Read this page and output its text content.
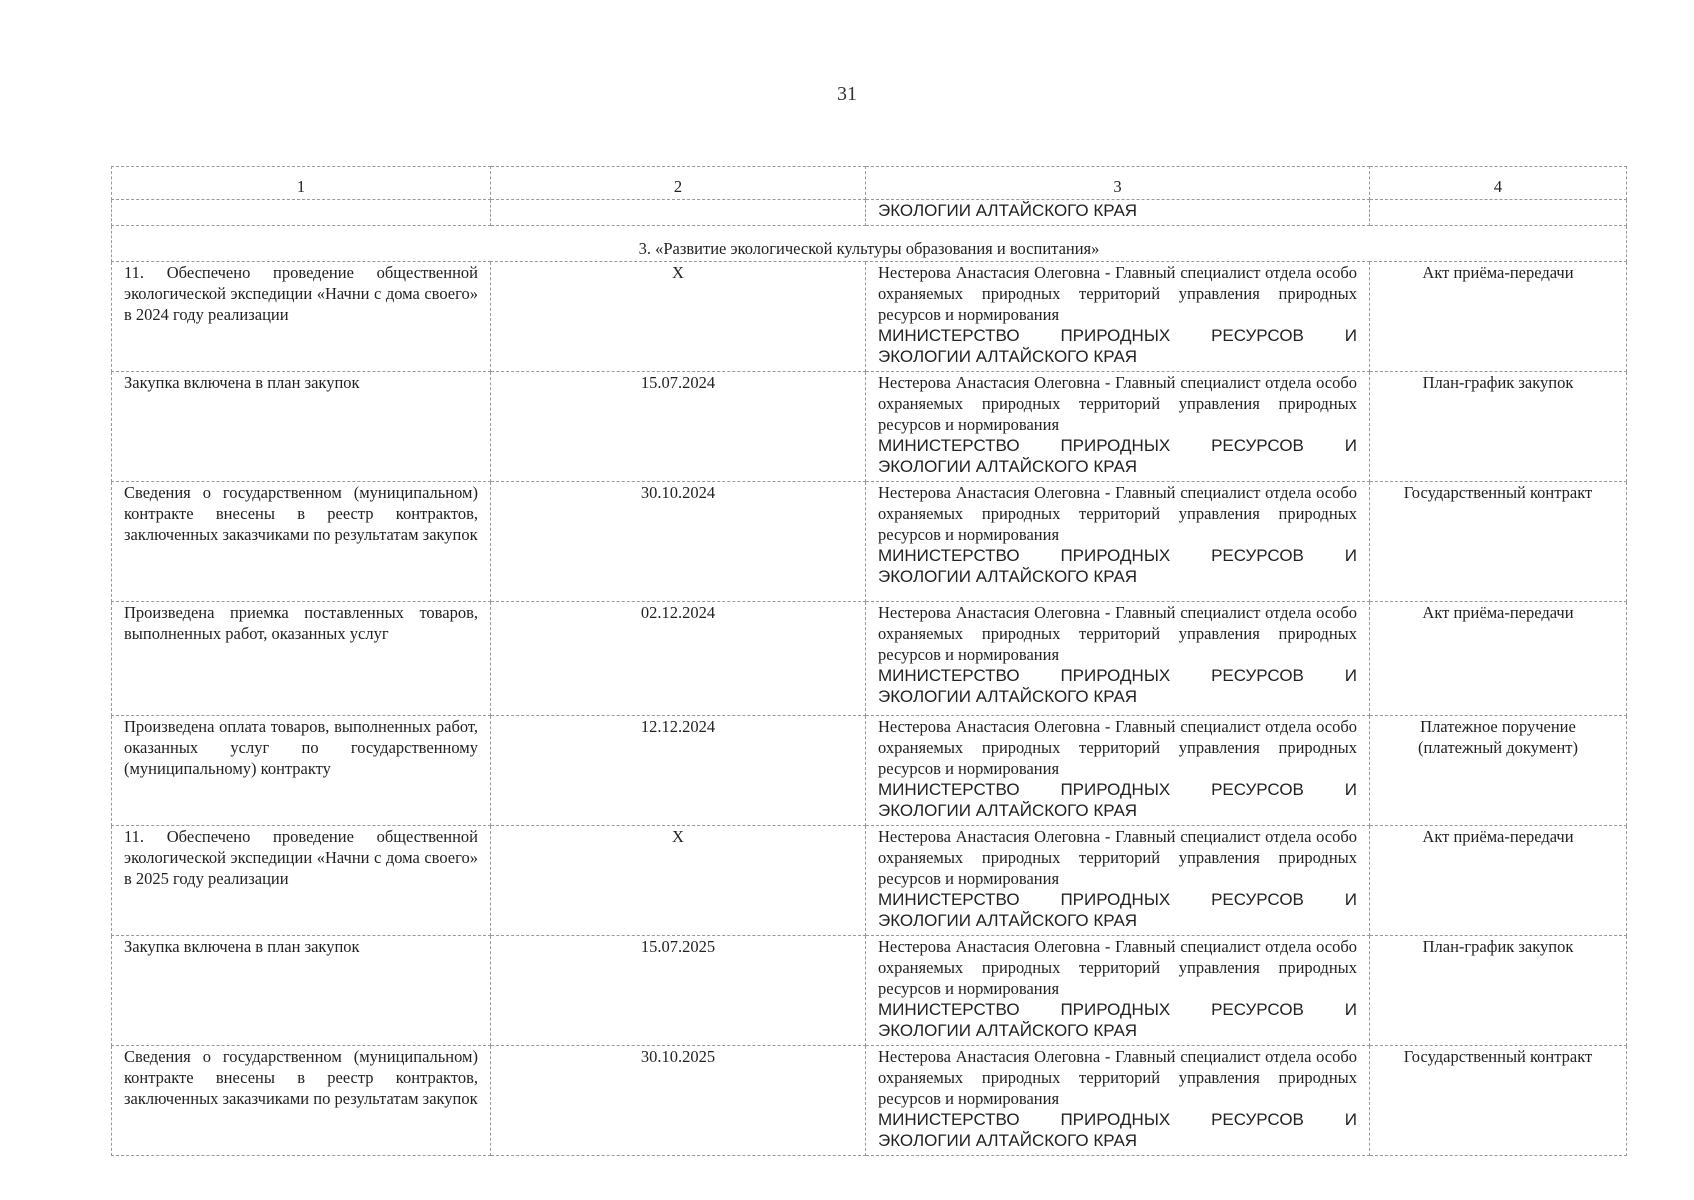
31
1	2	3	4
		ЭКОЛОГИИ АЛТАЙСКОГО КРАЯ	
3. «Развитие экологической культуры образования и воспитания»			
11. Обеспечено проведение общественной экологической экспедиции «Начни с дома своего» в 2024 году реализации	X	Нестерова Анастасия Олеговна - Главный специалист отдела особо охраняемых природных территорий управления природных ресурсов и нормирования
МИНИСТЕРСТВО ПРИРОДНЫХ РЕСУРСОВ И
ЭКОЛОГИИ АЛТАЙСКОГО КРАЯ	Акт приёма-передачи
Закупка включена в план закупок	15.07.2024	Нестерова Анастасия Олеговна - Главный специалист отдела особо охраняемых природных территорий управления природных ресурсов и нормирования
МИНИСТЕРСТВО ПРИРОДНЫХ РЕСУРСОВ И
ЭКОЛОГИИ АЛТАЙСКОГО КРАЯ	План-график закупок
Сведения о государственном (муниципальном) контракте внесены в реестр контрактов, заключенных заказчиками по результатам закупок	30.10.2024	Нестерова Анастасия Олеговна - Главный специалист отдела особо охраняемых природных территорий управления природных ресурсов и нормирования
МИНИСТЕРСТВО ПРИРОДНЫХ РЕСУРСОВ И
ЭКОЛОГИИ АЛТАЙСКОГО КРАЯ	Государственный контракт
Произведена приемка поставленных товаров, выполненных работ, оказанных услуг	02.12.2024	Нестерова Анастасия Олеговна - Главный специалист отдела особо охраняемых природных территорий управления природных ресурсов и нормирования
МИНИСТЕРСТВО ПРИРОДНЫХ РЕСУРСОВ И
ЭКОЛОГИИ АЛТАЙСКОГО КРАЯ	Акт приёма-передачи
Произведена оплата товаров, выполненных работ, оказанных услуг по государственному (муниципальному) контракту	12.12.2024	Нестерова Анастасия Олеговна - Главный специалист отдела особо охраняемых природных территорий управления природных ресурсов и нормирования
МИНИСТЕРСТВО ПРИРОДНЫХ РЕСУРСОВ И
ЭКОЛОГИИ АЛТАЙСКОГО КРАЯ	Платежное поручение (платежный документ)
11. Обеспечено проведение общественной экологической экспедиции «Начни с дома своего» в 2025 году реализации	X	Нестерова Анастасия Олеговна - Главный специалист отдела особо охраняемых природных территорий управления природных ресурсов и нормирования
МИНИСТЕРСТВО ПРИРОДНЫХ РЕСУРСОВ И
ЭКОЛОГИИ АЛТАЙСКОГО КРАЯ	Акт приёма-передачи
Закупка включена в план закупок	15.07.2025	Нестерова Анастасия Олеговна - Главный специалист отдела особо охраняемых природных территорий управления природных ресурсов и нормирования
МИНИСТЕРСТВО ПРИРОДНЫХ РЕСУРСОВ И
ЭКОЛОГИИ АЛТАЙСКОГО КРАЯ	План-график закупок
Сведения о государственном (муниципальном) контракте внесены в реестр контрактов, заключенных заказчиками по результатам закупок	30.10.2025	Нестерова Анастасия Олеговна - Главный специалист отдела особо охраняемых природных территорий управления природных ресурсов и нормирования
МИНИСТЕРСТВО ПРИРОДНЫХ РЕСУРСОВ И
ЭКОЛОГИИ АЛТАЙСКОГО КРАЯ	Государственный контракт
